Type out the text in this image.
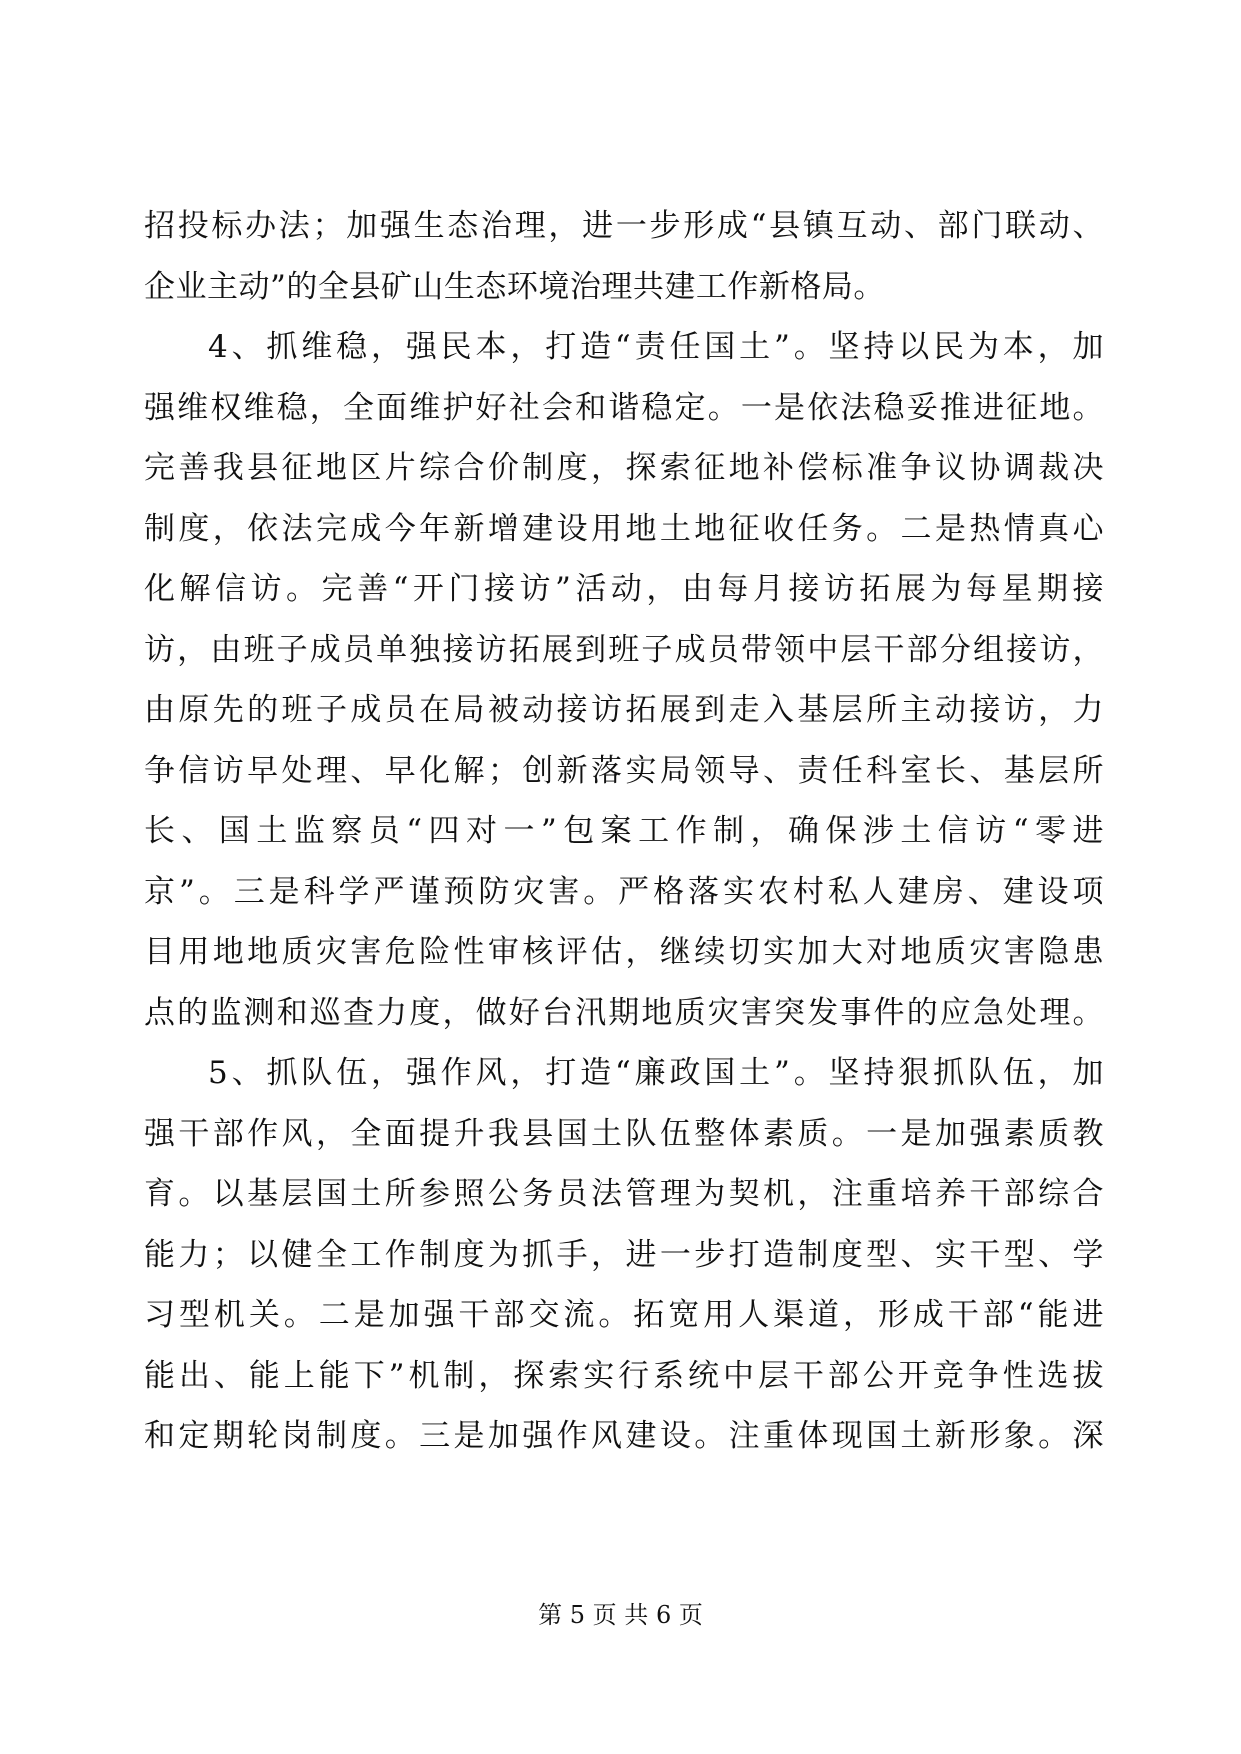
招投标办法；加强生态治理，进一步形成“县镇互动、部门联动、
企业主动”的全县矿山生态环境治理共建工作新格局。
4、抓维稳，强民本，打造“责任国土”。坚持以民为本，加
强维权维稳，全面维护好社会和谐稳定。一是依法稳妥推进征地。
完善我县征地区片综合价制度，探索征地补偿标准争议协调裁决
制度，依法完成今年新增建设用地土地征收任务。二是热情真心
化解信访。完善“开门接访”活动，由每月接访拓展为每星期接
访，由班子成员单独接访拓展到班子成员带领中层干部分组接访，
由原先的班子成员在局被动接访拓展到走入基层所主动接访，力
争信访早处理、早化解；创新落实局领导、责任科室长、基层所
长、国土监察员“四对一”包案工作制，确保涉土信访“零进
京”。三是科学严谨预防灾害。严格落实农村私人建房、建设项
目用地地质灾害危险性审核评估，继续切实加大对地质灾害隐患
点的监测和巡查力度，做好台汛期地质灾害突发事件的应急处理。
5、抓队伍，强作风，打造“廉政国土”。坚持狠抓队伍，加
强干部作风，全面提升我县国土队伍整体素质。一是加强素质教
育。以基层国土所参照公务员法管理为契机，注重培养干部综合
能力；以健全工作制度为抓手，进一步打造制度型、实干型、学
习型机关。二是加强干部交流。拓宽用人渠道，形成干部“能进
能出、能上能下”机制，探索实行系统中层干部公开竞争性选拔
和定期轮岗制度。三是加强作风建设。注重体现国土新形象。深
第 5 页 共 6 页
